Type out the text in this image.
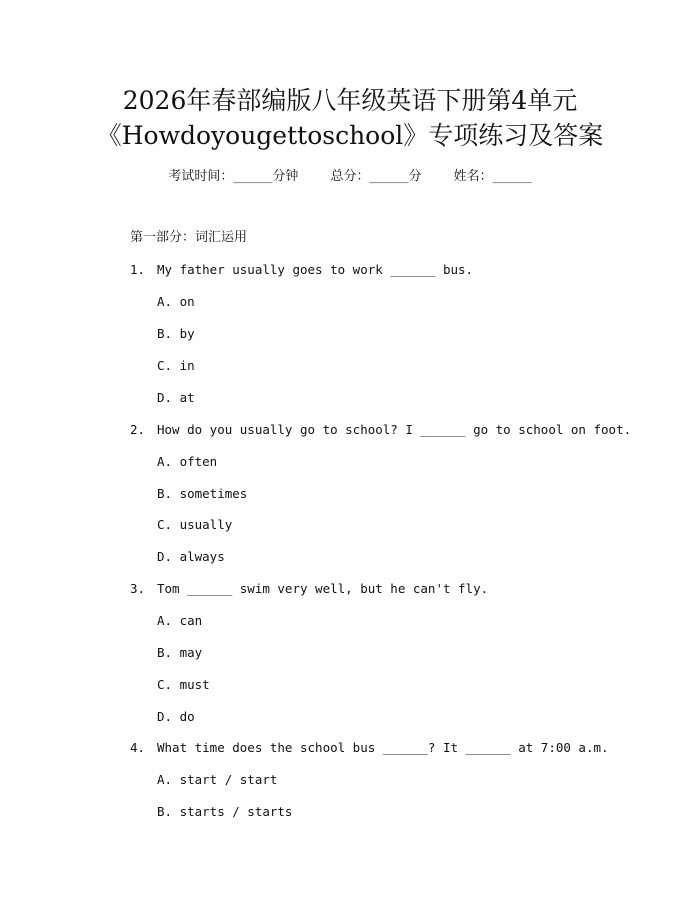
2026年春部编版八年级英语下册第4单元
《Howdoyougettoschool》专项练习及答案
考试时间：______分钟 总分：______分 姓名：______
第一部分：词汇运用
1. My father usually goes to work ______ bus.
A. on
B. by
C. in
D. at
2. How do you usually go to school? I ______ go to school on foot.
A. often
B. sometimes
C. usually
D. always
3. Tom ______ swim very well, but he can't fly.
A. can
B. may
C. must
D. do
4. What time does the school bus ______? It ______ at 7:00 a.m.
A. start / start
B. starts / starts
